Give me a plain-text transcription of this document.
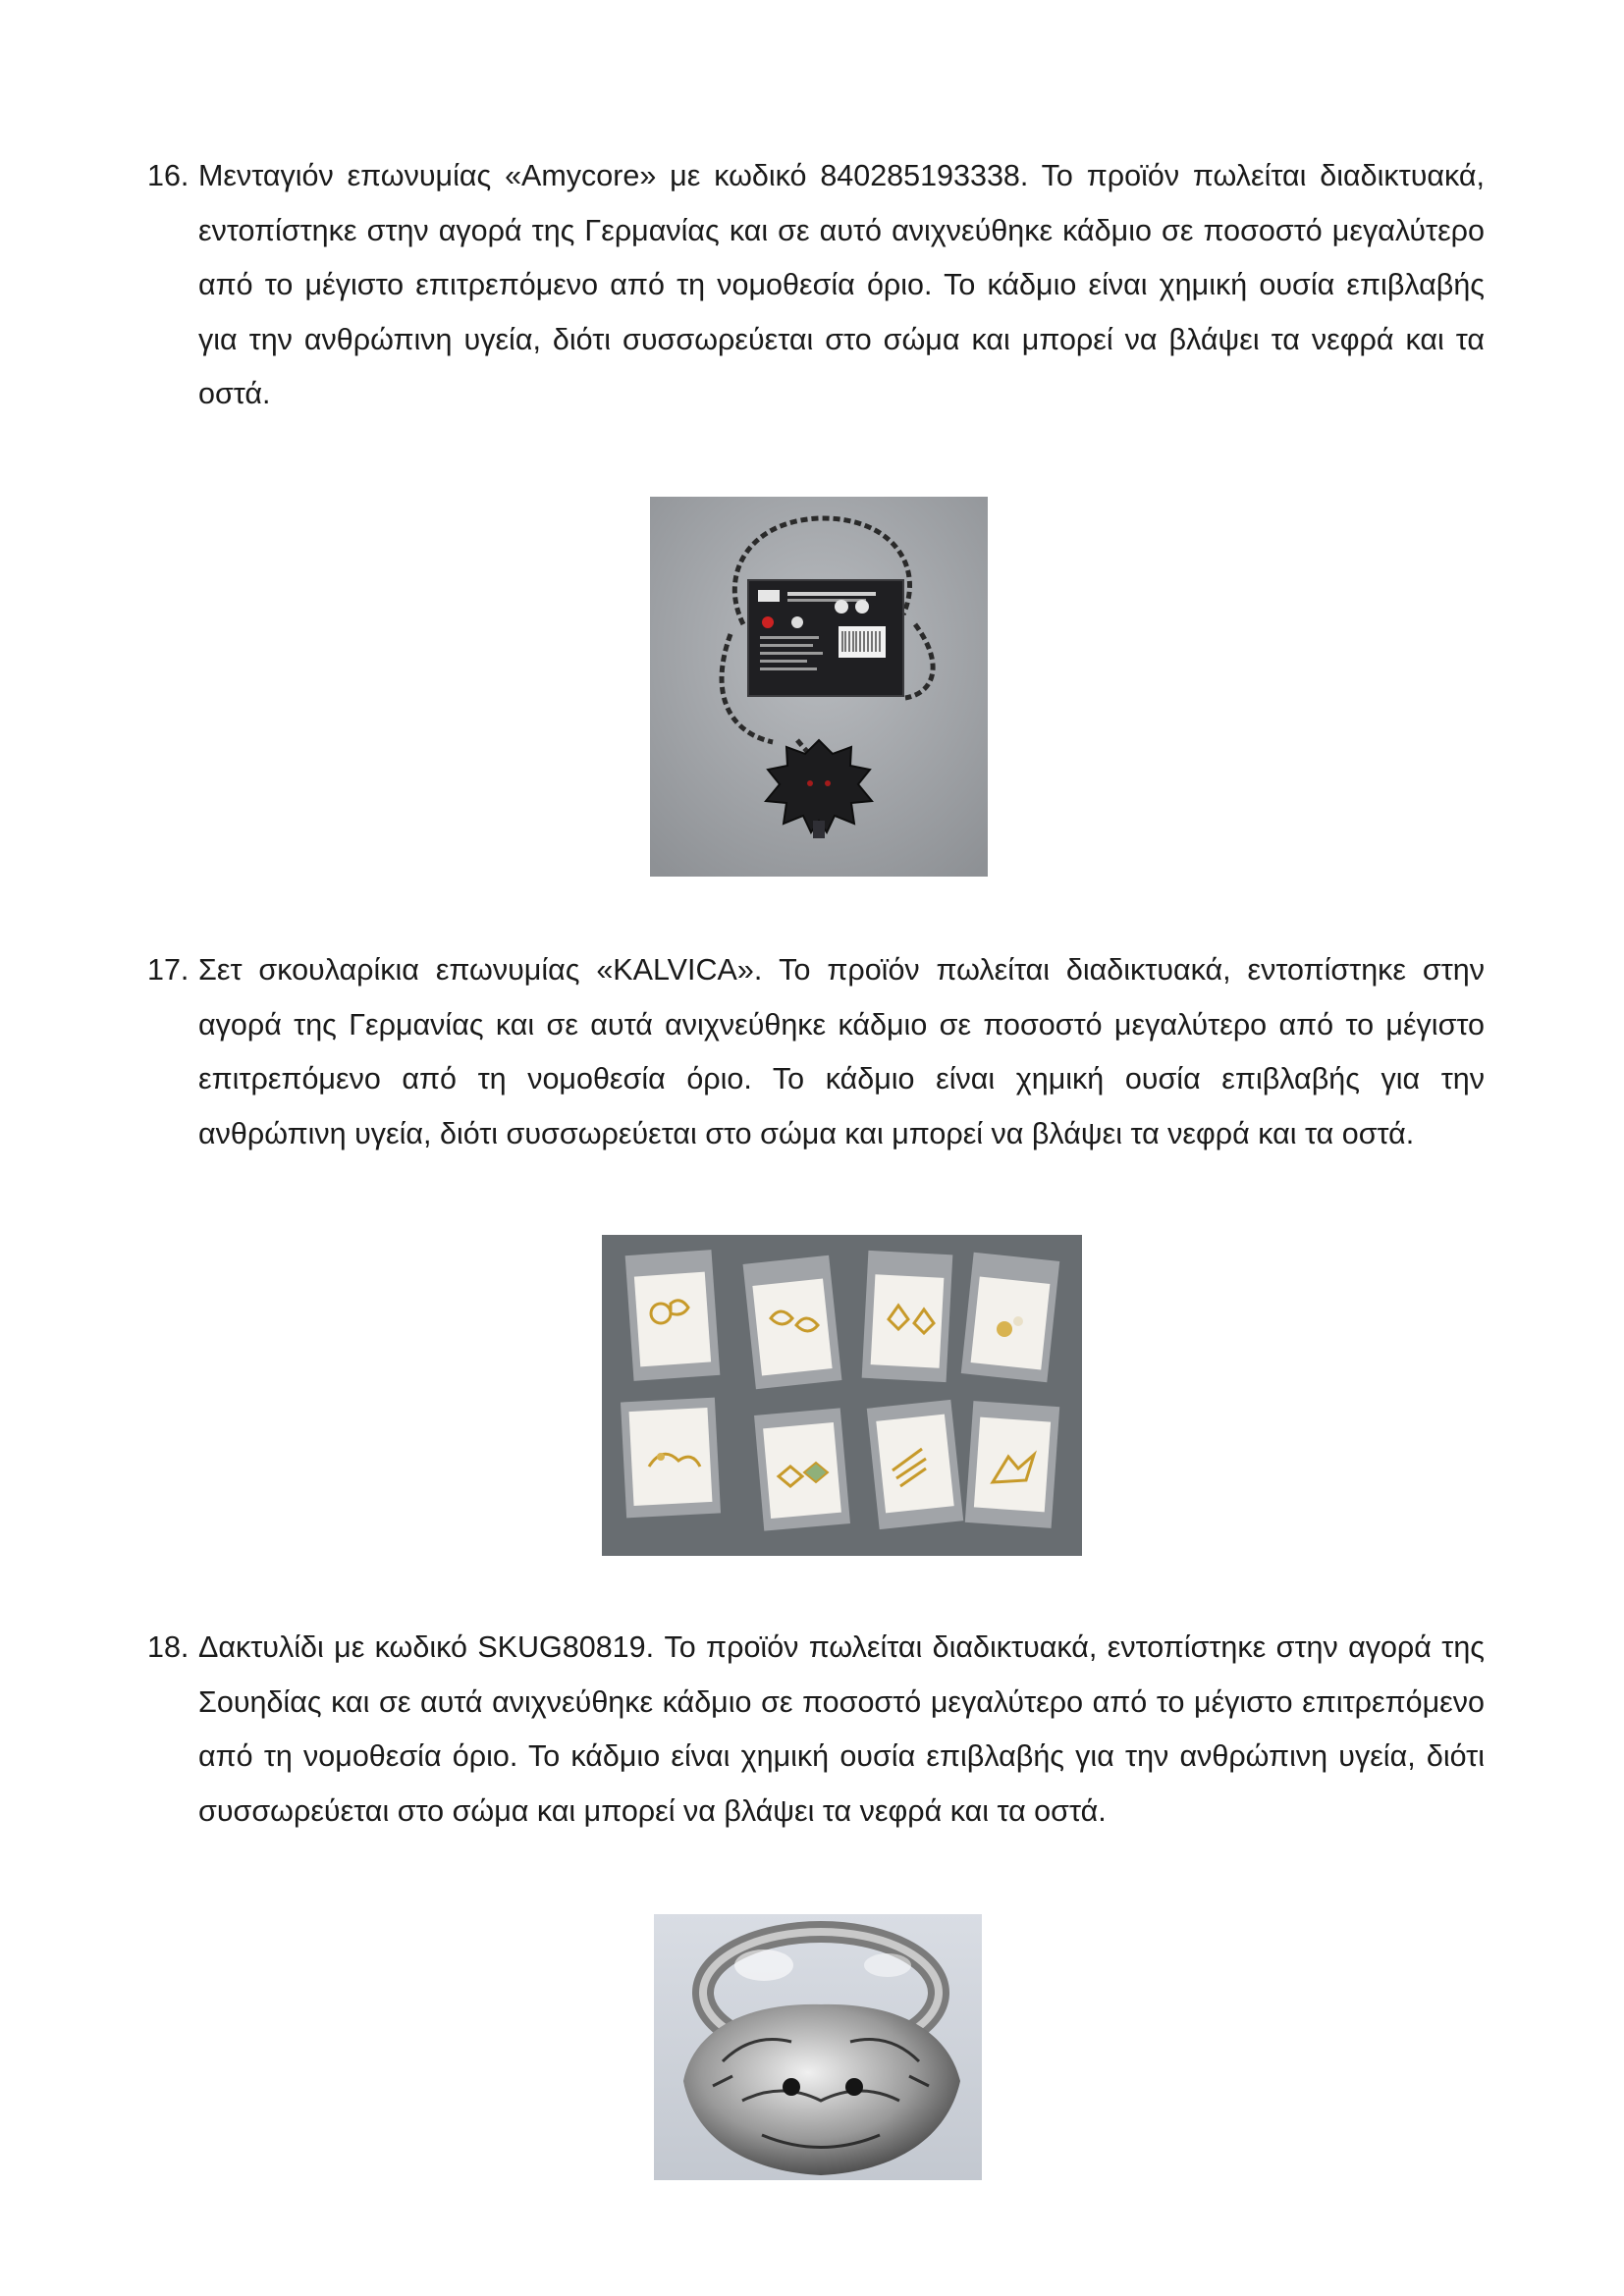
16. Μενταγιόν επωνυμίας «Amycore» με κωδικό 840285193338. Το προϊόν πωλείται διαδικτυακά, εντοπίστηκε στην αγορά της Γερμανίας και σε αυτό ανιχνεύθηκε κάδμιο σε ποσοστό μεγαλύτερο από το μέγιστο επιτρεπόμενο από τη νομοθεσία όριο. Το κάδμιο είναι χημική ουσία επιβλαβής για την ανθρώπινη υγεία, διότι συσσωρεύεται στο σώμα και μπορεί να βλάψει τα νεφρά και τα οστά.
17. Σετ σκουλαρίκια επωνυμίας «KALVICA». Το προϊόν πωλείται διαδικτυακά, εντοπίστηκε στην αγορά της Γερμανίας και σε αυτά ανιχνεύθηκε κάδμιο σε ποσοστό μεγαλύτερο από το μέγιστο επιτρεπόμενο από τη νομοθεσία όριο. Το κάδμιο είναι χημική ουσία επιβλαβής για την ανθρώπινη υγεία, διότι συσσωρεύεται στο σώμα και μπορεί να βλάψει τα νεφρά και τα οστά.
18. Δακτυλίδι με κωδικό SKUG80819. Το προϊόν πωλείται διαδικτυακά, εντοπίστηκε στην αγορά της Σουηδίας και σε αυτά ανιχνεύθηκε κάδμιο σε ποσοστό μεγαλύτερο από το μέγιστο επιτρεπόμενο από τη νομοθεσία όριο. Το κάδμιο είναι χημική ουσία επιβλαβής για την ανθρώπινη υγεία, διότι συσσωρεύεται στο σώμα και μπορεί να βλάψει τα νεφρά και τα οστά.
